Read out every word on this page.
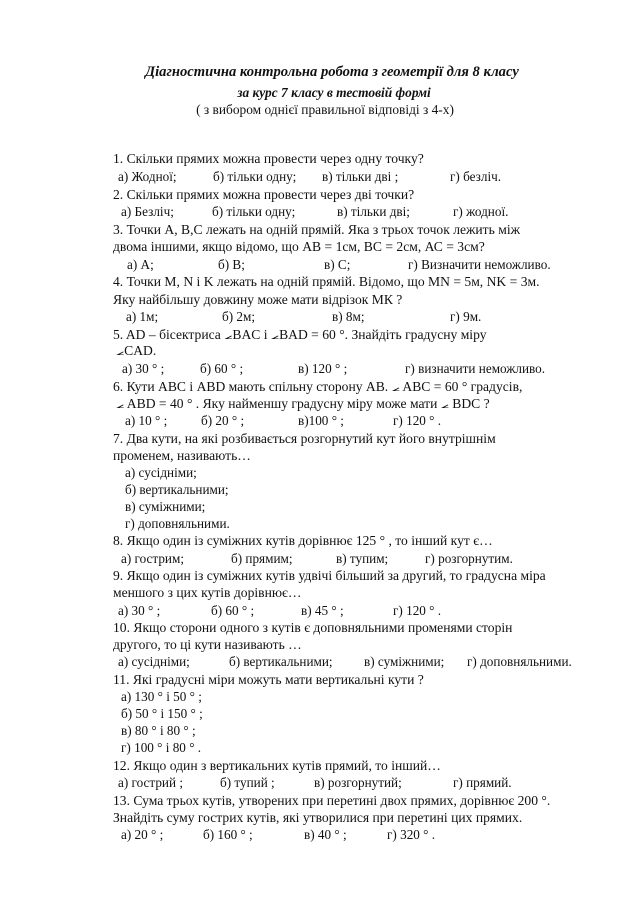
Діагностична контрольна робота з геометрії для 8 класу
за курс 7 класу в тестовій формі
( з вибором однієї правильної відповіді з 4-х)
1. Скільки прямих можна провести через одну точку?
а) Жодної;	б) тільки одну; в) тільки дві ;	г) безліч.
2. Скільки прямих можна провести через дві точки?
а) Безліч;	б) тільки одну;	в) тільки дві;	г) жодної.
3. Точки А, В,С лежать на одній прямій. Яка з трьох точок лежить між
двома іншими, якщо відомо, що АВ = 1см, ВС = 2см, АС = 3см?
а) А;	б) В;	в) С;	г) Визначити неможливо.
4. Точки M, N і K лежать на одній прямій. Відомо, що MN = 5м, NK = 3м.
Яку найбільшу довжину може мати відрізок МК ?
а) 1м;	б) 2м;	в) 8м;	г) 9м.
5. AD – бісектриса ⦟BAC і ⦟BAD = 60 °. Знайдіть градусну міру
⦟CAD.
а) 30 ° ;	б) 60 ° ;	в) 120 ° ;	г) визначити неможливо.
6. Кути ABC і ABD мають спільну сторону AB. ⦟ ABC = 60 ° градусів,
⦟ ABD = 40 ° . Яку найменшу градусну міру може мати ⦟ BDC ?
а) 10 ° ;	б) 20 ° ;	в)100 ° ;	г) 120 ° .
7. Два кути, на які розбивається розгорнутий кут його внутрішнім
променем, називають…
а) сусідніми;
б) вертикальними;
в) суміжними;
г) доповняльними.
8. Якщо один із суміжних кутів дорівнює 125 ° , то інший кут є…
а) гострим;	б) прямим;	в) тупим;	г) розгорнутим.
9. Якщо один із суміжних кутів удвічі більший за другий, то градусна міра
меншого з цих кутів дорівнює…
а) 30 ° ;	б) 60 ° ;	в) 45 ° ;	г) 120 ° .
10. Якщо сторони одного з кутів є доповняльними променями сторін
другого, то ці кути називають …
а) сусідніми;	б) вертикальними; в) суміжними; г) доповняльними.
11. Які градусні міри можуть мати вертикальні кути ?
а) 130 ° і 50 ° ;
б) 50 ° і 150 ° ;
в) 80 ° і 80 ° ;
г) 100 ° і 80 ° .
12. Якщо один з вертикальних кутів прямий, то інший…
а) гострий ;	б) тупий ;	в) розгорнутий;	г) прямий.
13. Сума трьох кутів, утворених при перетині двох прямих, дорівнює 200 °.
Знайдіть суму гострих кутів, які утворилися при перетині цих прямих.
а) 20 ° ;	б) 160 ° ;	в) 40 ° ;	г) 320 ° .
